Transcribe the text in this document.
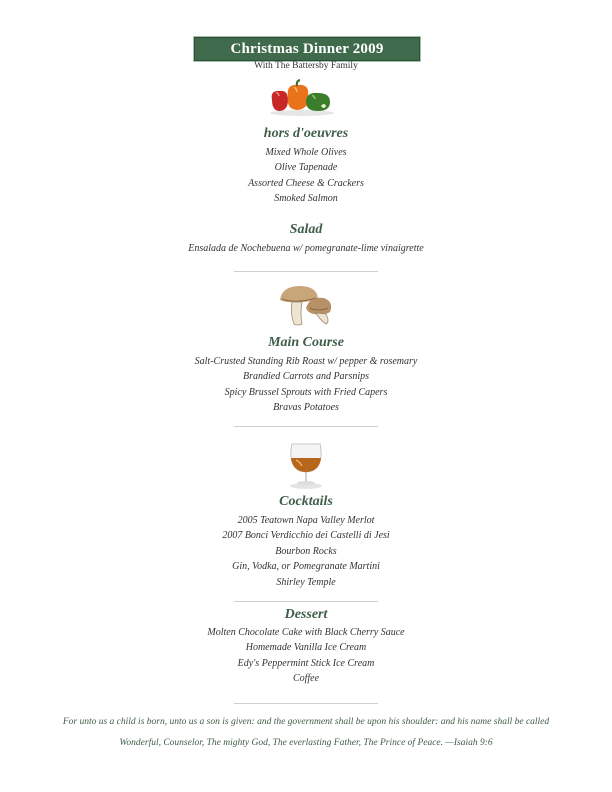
Christmas Dinner 2009
With The Battersby Family
hors d'oeuvres
Mixed Whole Olives
Olive Tapenade
Assorted Cheese & Crackers
Smoked Salmon
Salad
Ensalada de Nochebuena w/ pomegranate-lime vinaigrette
Main Course
Salt-Crusted Standing Rib Roast w/ pepper & rosemary
Brandied Carrots and Parsnips
Spicy Brussel Sprouts with Fried Capers
Bravas Potatoes
Cocktails
2005 Teatown Napa Valley Merlot
2007 Bonci Verdicchio dei Castelli di Jesi
Bourbon Rocks
Gin, Vodka, or Pomegranate Martini
Shirley Temple
Dessert
Molten Chocolate Cake with Black Cherry Sauce
Homemade Vanilla Ice Cream
Edy's Peppermint Stick Ice Cream
Coffee
For unto us a child is born, unto us a son is given: and the government shall be upon his shoulder: and his name shall be called
Wonderful, Counselor, The mighty God, The everlasting Father, The Prince of Peace. —Isaiah 9:6
